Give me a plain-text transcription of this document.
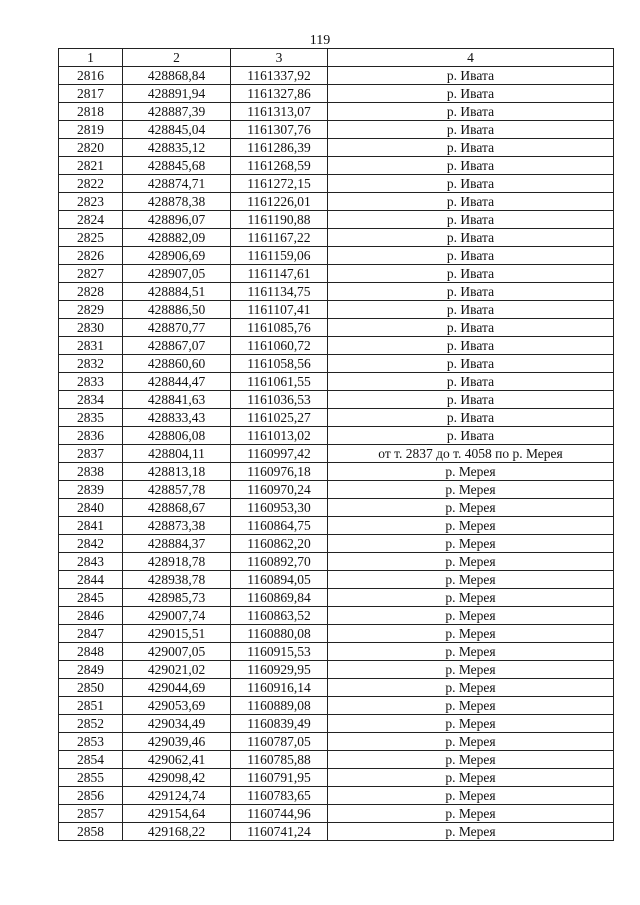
119
1	2	3	4
2816	428868,84	1161337,92	р. Ивата
2817	428891,94	1161327,86	р. Ивата
2818	428887,39	1161313,07	р. Ивата
2819	428845,04	1161307,76	р. Ивата
2820	428835,12	1161286,39	р. Ивата
2821	428845,68	1161268,59	р. Ивата
2822	428874,71	1161272,15	р. Ивата
2823	428878,38	1161226,01	р. Ивата
2824	428896,07	1161190,88	р. Ивата
2825	428882,09	1161167,22	р. Ивата
2826	428906,69	1161159,06	р. Ивата
2827	428907,05	1161147,61	р. Ивата
2828	428884,51	1161134,75	р. Ивата
2829	428886,50	1161107,41	р. Ивата
2830	428870,77	1161085,76	р. Ивата
2831	428867,07	1161060,72	р. Ивата
2832	428860,60	1161058,56	р. Ивата
2833	428844,47	1161061,55	р. Ивата
2834	428841,63	1161036,53	р. Ивата
2835	428833,43	1161025,27	р. Ивата
2836	428806,08	1161013,02	р. Ивата
2837	428804,11	1160997,42	от т. 2837 до т. 4058 по р. Мерея
2838	428813,18	1160976,18	р. Мерея
2839	428857,78	1160970,24	р. Мерея
2840	428868,67	1160953,30	р. Мерея
2841	428873,38	1160864,75	р. Мерея
2842	428884,37	1160862,20	р. Мерея
2843	428918,78	1160892,70	р. Мерея
2844	428938,78	1160894,05	р. Мерея
2845	428985,73	1160869,84	р. Мерея
2846	429007,74	1160863,52	р. Мерея
2847	429015,51	1160880,08	р. Мерея
2848	429007,05	1160915,53	р. Мерея
2849	429021,02	1160929,95	р. Мерея
2850	429044,69	1160916,14	р. Мерея
2851	429053,69	1160889,08	р. Мерея
2852	429034,49	1160839,49	р. Мерея
2853	429039,46	1160787,05	р. Мерея
2854	429062,41	1160785,88	р. Мерея
2855	429098,42	1160791,95	р. Мерея
2856	429124,74	1160783,65	р. Мерея
2857	429154,64	1160744,96	р. Мерея
2858	429168,22	1160741,24	р. Мерея
